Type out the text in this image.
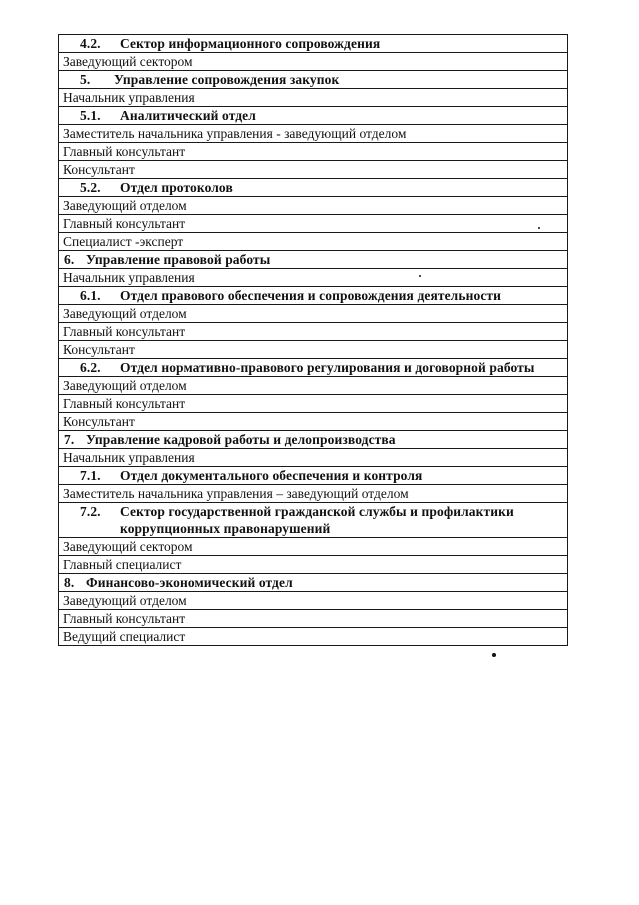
4.2.	Сектор информационного сопровождения

Заведующий сектором

5.	Управление сопровождения закупок

Начальник управления

5.1.	Аналитический отдел

Заместитель начальника управления - заведующий отделом
Главный консультант
Консультант

5.2.	Отдел протоколов

Заведующий отделом
Главный консультант
Специалист -эксперт

6. Управление правовой работы

Начальник управления

6.1.	Отдел правового обеспечения и сопровождения деятельности

Заведующий отделом
Главный консультант
Консультант

6.2.	Отдел нормативно-правового регулирования и договорной работы

Заведующий отделом
Главный консультант
Консультант

7. Управление кадровой работы и делопроизводства

Начальник управления

7.1.	Отдел документального обеспечения и контроля

Заместитель начальника управления – заведующий отделом

7.2.	Сектор государственной гражданской службы и профилактики коррупционных правонарушений

Заведующий сектором
Главный специалист

8. Финансово-экономический отдел

Заведующий отделом
Главный консультант
Ведущий специалист
